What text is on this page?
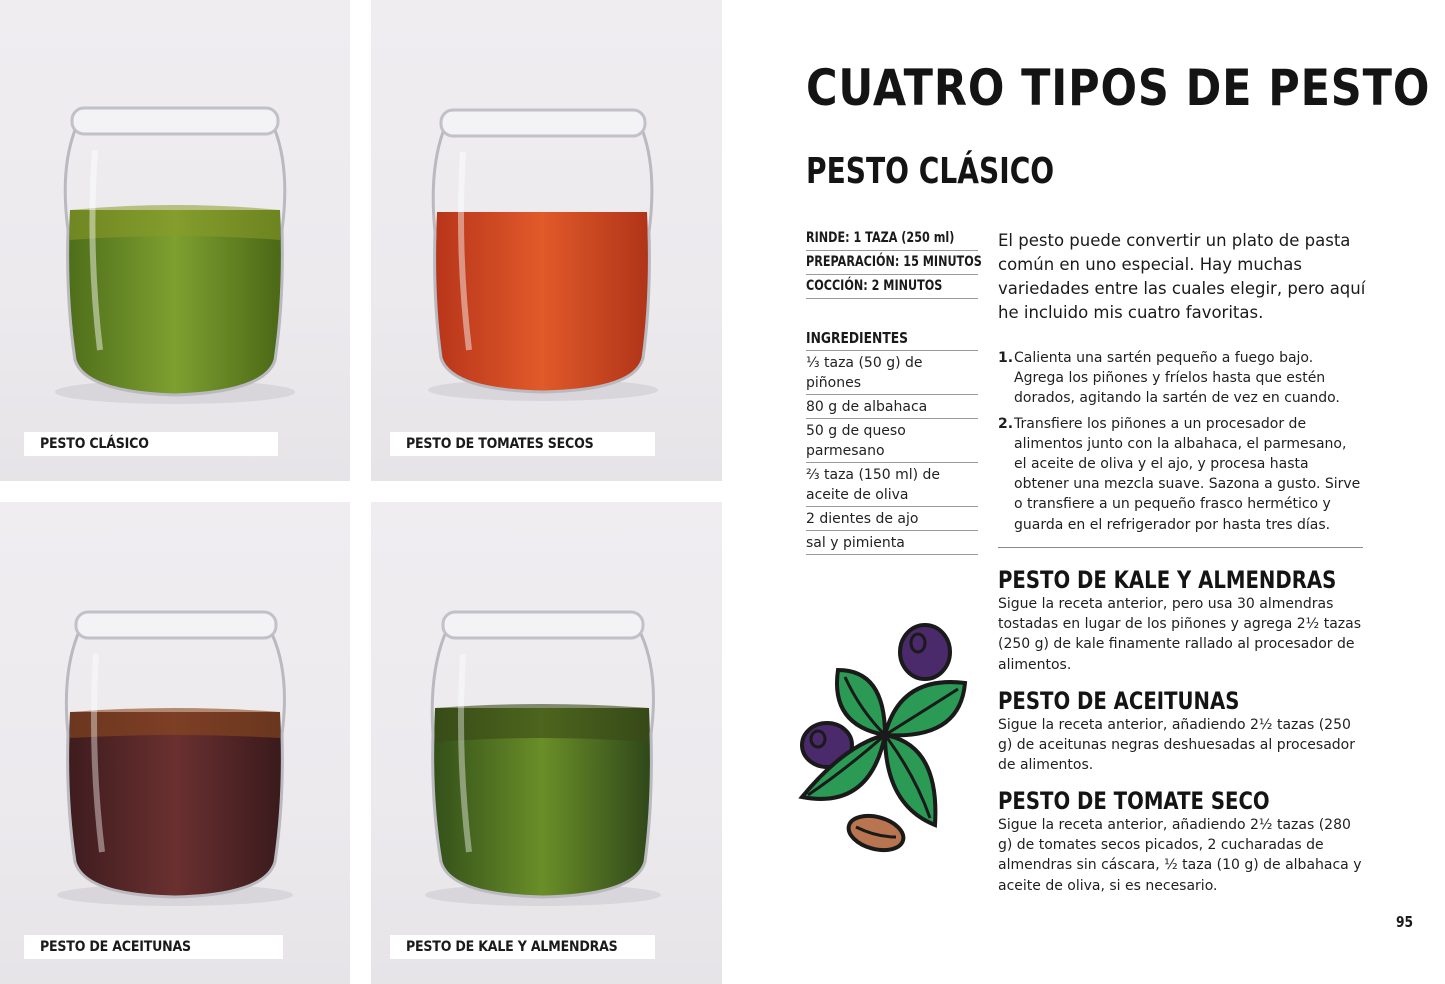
PESTO CLÁSICO	PESTO DE TOMATES SECOS
PESTO DE ACEITUNAS	PESTO DE KALE Y ALMENDRAS
CUATRO TIPOS DE PESTO
PESTO CLÁSICO
RINDE: 1 TAZA (250 ml)
PREPARACIÓN: 15 MINUTOS
COCCIÓN: 2 MINUTOS
INGREDIENTES
⅓ taza (50 g) de piñones
80 g de albahaca
50 g de queso parmesano
⅔ taza (150 ml) de aceite de oliva
2 dientes de ajo
sal y pimienta

El pesto puede convertir un plato de pasta común en uno especial. Hay muchas variedades entre las cuales elegir, pero aquí he incluido mis cuatro favoritas.

1. Calienta una sartén pequeño a fuego bajo. Agrega los piñones y fríelos hasta que estén dorados, agitando la sartén de vez en cuando.
2. Transfiere los piñones a un procesador de alimentos junto con la albahaca, el parmesano, el aceite de oliva y el ajo, y procesa hasta obtener una mezcla suave. Sazona a gusto. Sirve o transfiere a un pequeño frasco hermético y guarda en el refrigerador por hasta tres días.
PESTO DE KALE Y ALMENDRAS

Sigue la receta anterior, pero usa 30 almendras tostadas en lugar de los piñones y agrega 2½ tazas (250 g) de kale finamente rallado al procesador de alimentos.

PESTO DE ACEITUNAS

Sigue la receta anterior, añadiendo 2½ tazas (250 g) de aceitunas negras deshuesadas al procesador de alimentos.

PESTO DE TOMATE SECO

Sigue la receta anterior, añadiendo 2½ tazas (280 g) de tomates secos picados, 2 cucharadas de almendras sin cáscara, ½ taza (10 g) de albahaca y aceite de oliva, si es necesario.

95
